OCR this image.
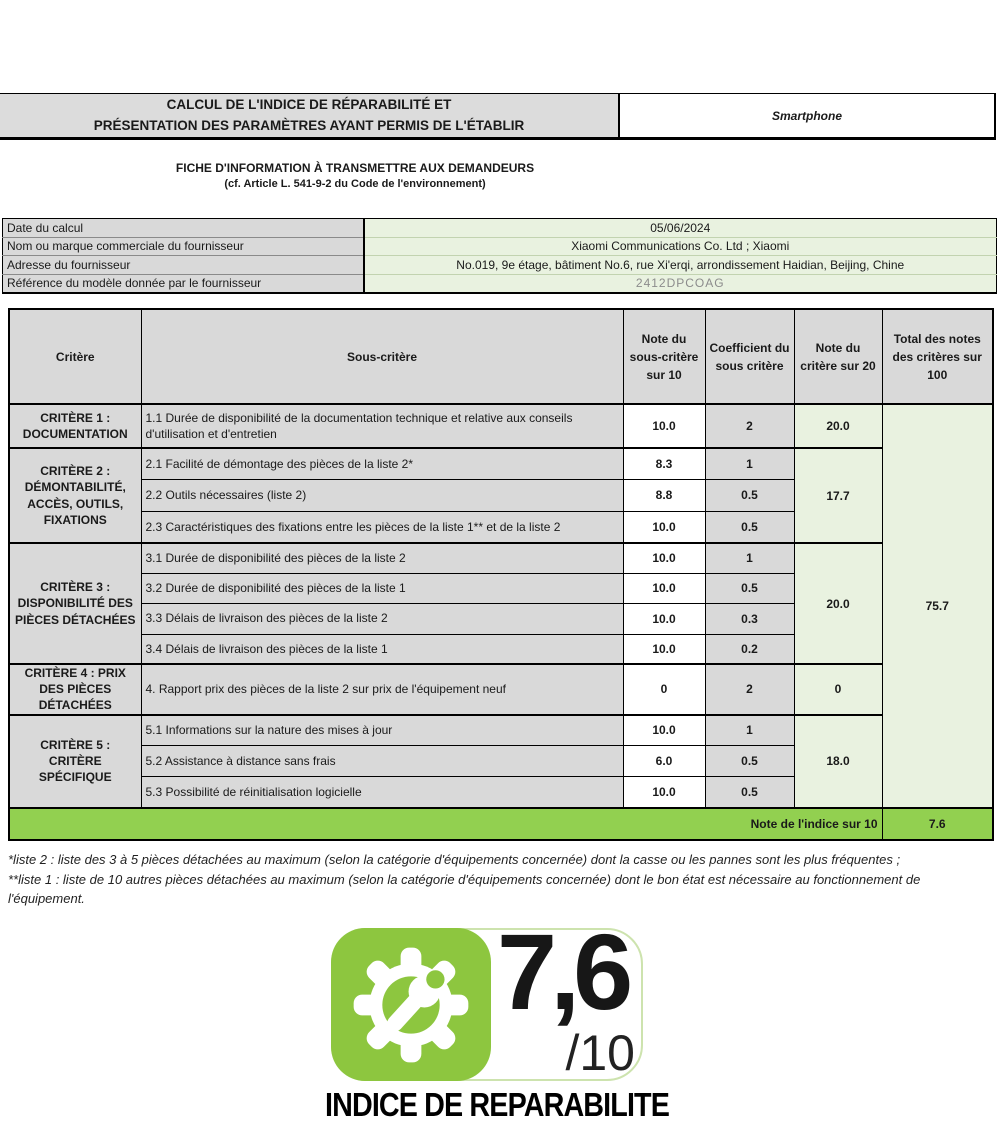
CALCUL DE L'INDICE DE RÉPARABILITÉ ET
PRÉSENTATION DES PARAMÈTRES AYANT PERMIS DE L'ÉTABLIR
Smartphone
FICHE D'INFORMATION À TRANSMETTRE AUX DEMANDEURS
(cf. Article L. 541-9-2 du Code de l'environnement)
Date du calcul	05/06/2024
Nom ou marque commerciale du fournisseur	Xiaomi Communications Co. Ltd ; Xiaomi
Adresse du fournisseur	No.019, 9e étage, bâtiment No.6, rue Xi'erqi, arrondissement Haidian, Beijing, Chine
Référence du modèle donnée par le fournisseur	2412DPCOAG
Critère	Sous-critère	Note du sous-critère sur 10	Coefficient du sous critère	Note du critère sur 20	Total des notes des critères sur 100
CRITÈRE 1 : DOCUMENTATION	1.1 Durée de disponibilité de la documentation technique et relative aux conseils d'utilisation et d'entretien	10.0	2	20.0	75.7
CRITÈRE 2 : DÉMONTABILITÉ, ACCÈS, OUTILS, FIXATIONS	2.1 Facilité de démontage des pièces de la liste 2*	8.3	1	17.7	
	2.2 Outils nécessaires (liste 2)	8.8	0.5		
	2.3 Caractéristiques des fixations entre les pièces de la liste 1** et de la liste 2	10.0	0.5		
CRITÈRE 3 : DISPONIBILITÉ DES PIÈCES DÉTACHÉES	3.1 Durée de disponibilité des pièces de la liste 2	10.0	1	20.0	
	3.2 Durée de disponibilité des pièces de la liste 1	10.0	0.5		
	3.3 Délais de livraison des pièces de la liste 2	10.0	0.3		
	3.4 Délais de livraison des pièces de la liste 1	10.0	0.2		
CRITÈRE 4 : PRIX DES PIÈCES DÉTACHÉES	4. Rapport prix des pièces de la liste 2 sur prix de l'équipement neuf	0	2	0	
CRITÈRE 5 : CRITÈRE SPÉCIFIQUE	5.1 Informations sur la nature des mises à jour	10.0	1	18.0	
	5.2 Assistance à distance sans frais	6.0	0.5		
	5.3 Possibilité de réinitialisation logicielle	10.0	0.5		
Note de l'indice sur 10					7.6
*liste 2 : liste des 3 à 5 pièces détachées au maximum (selon la catégorie d'équipements concernée) dont la casse ou les pannes sont les plus fréquentes ;
**liste 1 : liste de 10 autres pièces détachées au maximum (selon la catégorie d'équipements concernée) dont le bon état est nécessaire au fonctionnement de l'équipement.
7,6
/10
INDICE DE REPARABILITE
